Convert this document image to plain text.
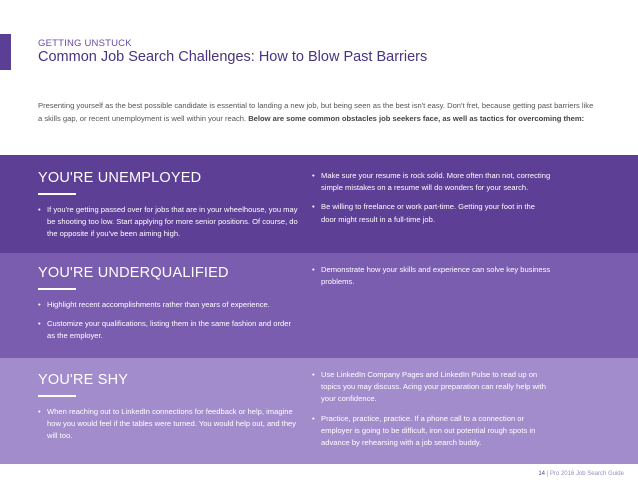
GETTING UNSTUCK
Common Job Search Challenges: How to Blow Past Barriers

Presenting yourself as the best possible candidate is essential to landing a new job, but being seen as the best isn't easy. Don't fret, because getting past barriers like a skills gap, or recent unemployment is well within your reach. Below are some common obstacles job seekers face, as well as tactics for overcoming them:

YOU'RE UNEMPLOYED
• If you're getting passed over for jobs that are in your wheelhouse, you may be shooting too low. Start applying for more senior positions. Of course, do the opposite if you've been aiming high.
• Make sure your resume is rock solid. More often than not, correcting simple mistakes on a resume will do wonders for your search.
• Be willing to freelance or work part-time. Getting your foot in the door might result in a full-time job.
YOU'RE UNDERQUALIFIED
• Highlight recent accomplishments rather than years of experience.
• Customize your qualifications, listing them in the same fashion and order as the employer.
• Demonstrate how your skills and experience can solve key business problems.
YOU'RE SHY
• When reaching out to LinkedIn connections for feedback or help, imagine how you would feel if the tables were turned. You would help out, and they will too.
• Use LinkedIn Company Pages and LinkedIn Pulse to read up on topics you may discuss. Acing your preparation can really help with your confidence.
• Practice, practice, practice. If a phone call to a connection or employer is going to be difficult, iron out potential rough spots in advance by rehearsing with a job search buddy.
14 | Pro 2016 Job Search Guide
